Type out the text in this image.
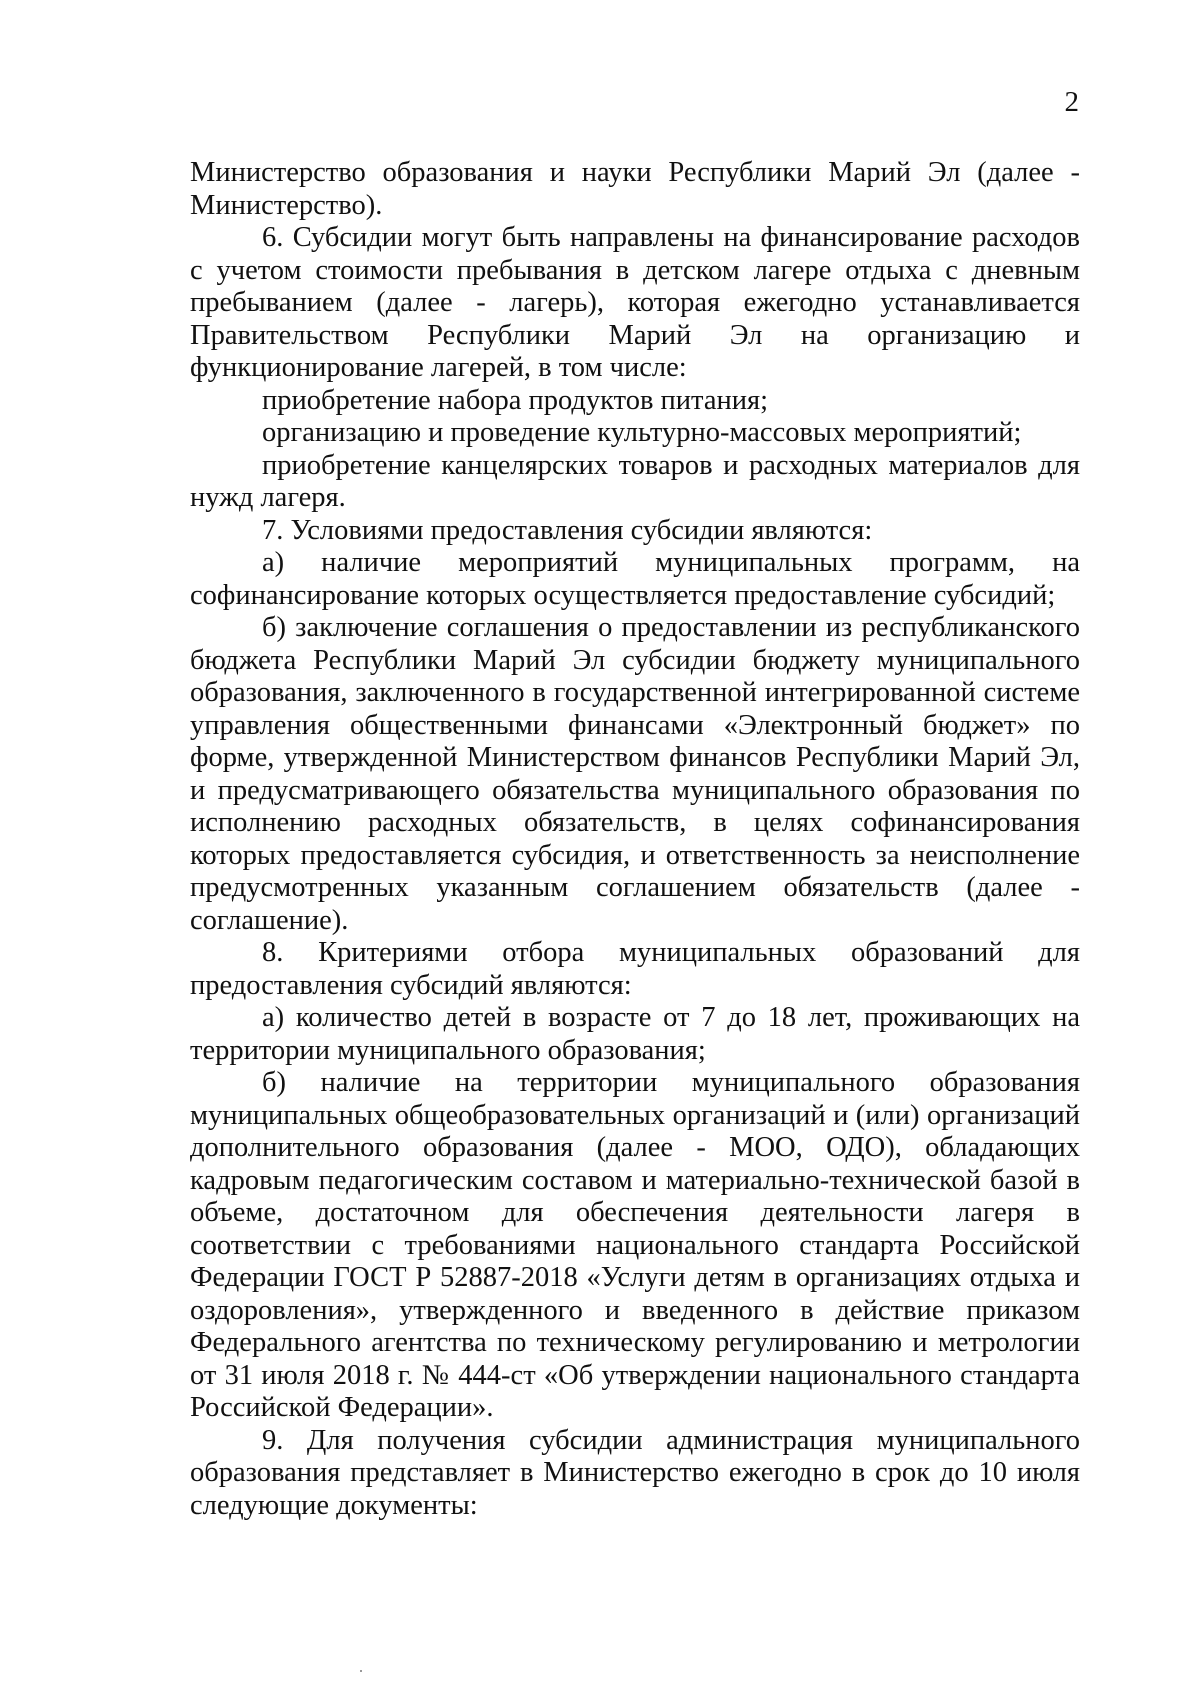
2

Министерство образования и науки Республики Марий Эл (далее - Министерство).

6. Субсидии могут быть направлены на финансирование расходов с учетом стоимости пребывания в детском лагере отдыха с дневным пребыванием (далее - лагерь), которая ежегодно устанавливается Правительством Республики Марий Эл на организацию и функционирование лагерей, в том числе:

приобретение набора продуктов питания;

организацию и проведение культурно-массовых мероприятий;

приобретение канцелярских товаров и расходных материалов для нужд лагеря.

7. Условиями предоставления субсидии являются:

а) наличие мероприятий муниципальных программ, на софинансирование которых осуществляется предоставление субсидий;

б) заключение соглашения о предоставлении из республиканского бюджета Республики Марий Эл субсидии бюджету муниципального образования, заключенного в государственной интегрированной системе управления общественными финансами «Электронный бюджет» по форме, утвержденной Министерством финансов Республики Марий Эл, и предусматривающего обязательства муниципального образования по исполнению расходных обязательств, в целях софинансирования которых предоставляется субсидия, и ответственность за неисполнение предусмотренных указанным соглашением обязательств (далее - соглашение).

8. Критериями отбора муниципальных образований для предоставления субсидий являются:

а) количество детей в возрасте от 7 до 18 лет, проживающих на территории муниципального образования;

б) наличие на территории муниципального образования муниципальных общеобразовательных организаций и (или) организаций дополнительного образования (далее - МОО, ОДО), обладающих кадровым педагогическим составом и материально-технической базой в объеме, достаточном для обеспечения деятельности лагеря в соответствии с требованиями национального стандарта Российской Федерации ГОСТ Р 52887-2018 «Услуги детям в организациях отдыха и оздоровления», утвержденного и введенного в действие приказом Федерального агентства по техническому регулированию и метрологии от 31 июля 2018 г. № 444-ст «Об утверждении национального стандарта Российской Федерации».

9. Для получения субсидии администрация муниципального образования представляет в Министерство ежегодно в срок до 10 июля следующие документы:
